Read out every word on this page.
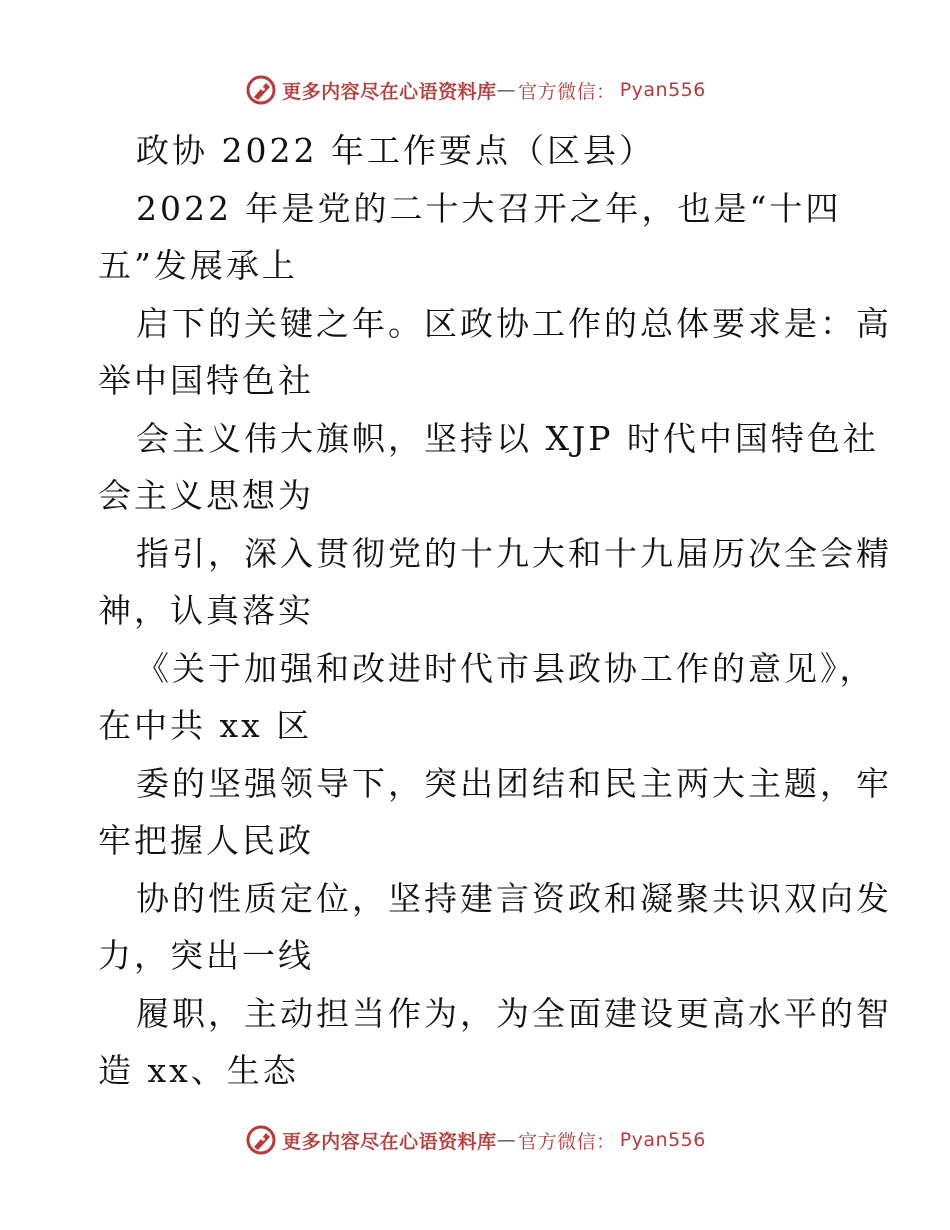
更多内容尽在心语资料库 — 官方微信： Pyan556
政协 2022 年工作要点（区县）
2022 年是党的二十大召开之年，也是“十四
五”发展承上
启下的关键之年。区政协工作的总体要求是：高
举中国特色社
会主义伟大旗帜，坚持以 XJP 时代中国特色社
会主义思想为
指引，深入贯彻党的十九大和十九届历次全会精
神，认真落实
《关于加强和改进时代市县政协工作的意见》，
在中共 xx 区
委的坚强领导下，突出团结和民主两大主题，牢
牢把握人民政
协的性质定位，坚持建言资政和凝聚共识双向发
力，突出一线
履职，主动担当作为，为全面建设更高水平的智
造 xx、生态
更多内容尽在心语资料库 — 官方微信： Pyan556
